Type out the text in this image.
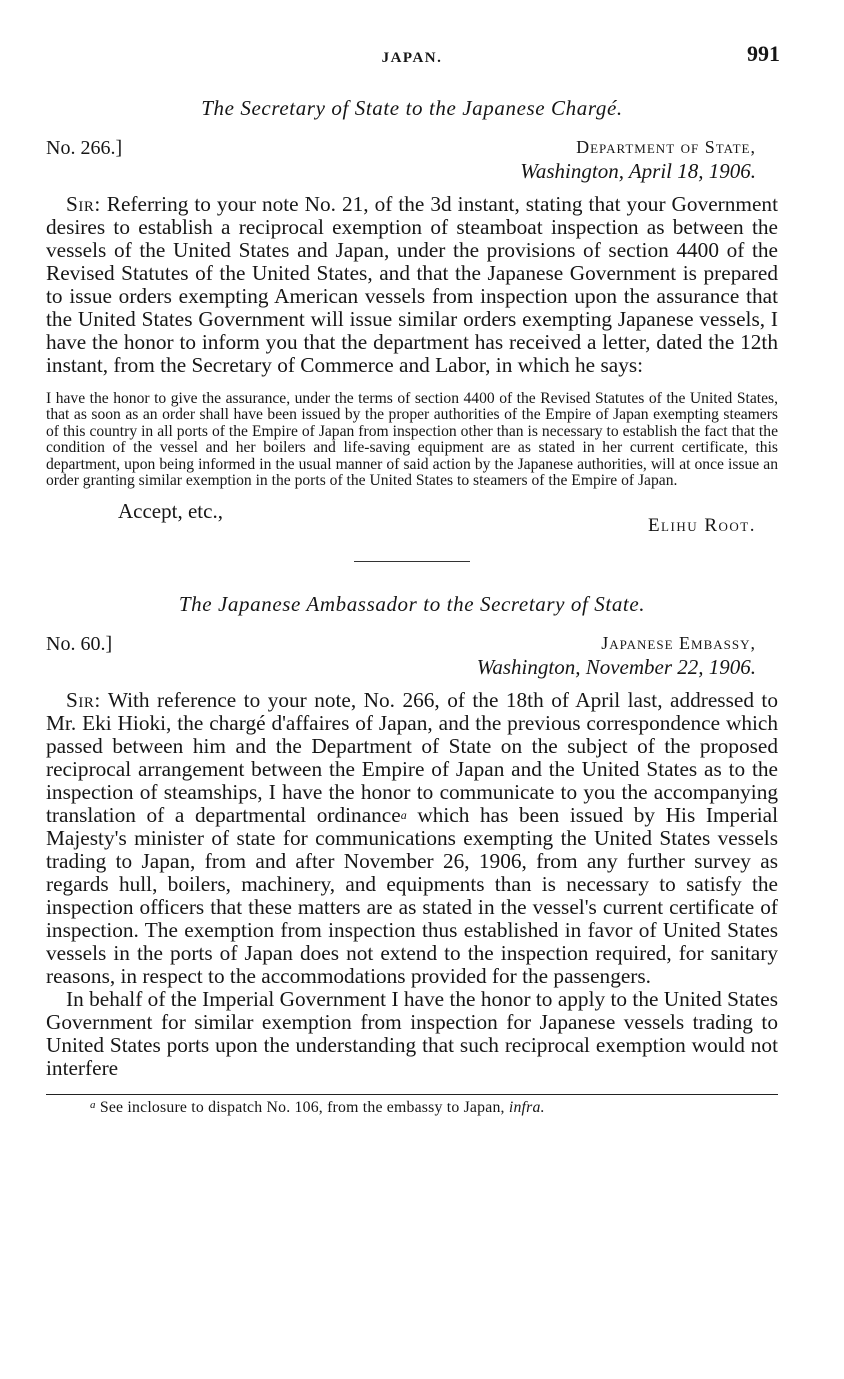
JAPAN.	991
The Secretary of State to the Japanese Chargé.
No. 266.]	Department of State,
Washington, April 18, 1906.

Sir: Referring to your note No. 21, of the 3d instant, stating that your Government desires to establish a reciprocal exemption of steamboat inspection as between the vessels of the United States and Japan, under the provisions of section 4400 of the Revised Statutes of the United States, and that the Japanese Government is prepared to issue orders exempting American vessels from inspection upon the assurance that the United States Government will issue similar orders exempting Japanese vessels, I have the honor to inform you that the department has received a letter, dated the 12th instant, from the Secretary of Commerce and Labor, in which he says:

I have the honor to give the assurance, under the terms of section 4400 of the Revised Statutes of the United States, that as soon as an order shall have been issued by the proper authorities of the Empire of Japan exempting steamers of this country in all ports of the Empire of Japan from inspection other than is necessary to establish the fact that the condition of the vessel and her boilers and life-saving equipment are as stated in her current certificate, this department, upon being informed in the usual manner of said action by the Japanese authorities, will at once issue an order granting similar exemption in the ports of the United States to steamers of the Empire of Japan.

Accept, etc.,
Elihu Root.
The Japanese Ambassador to the Secretary of State.
No. 60.]	Japanese Embassy,
Washington, November 22, 1906.

Sir: With reference to your note, No. 266, of the 18th of April last, addressed to Mr. Eki Hioki, the chargé d'affaires of Japan, and the previous correspondence which passed between him and the Department of State on the subject of the proposed reciprocal arrangement between the Empire of Japan and the United States as to the inspection of steamships, I have the honor to communicate to you the accompanying translation of a departmental ordinance$^a$ which has been issued by His Imperial Majesty's minister of state for communications exempting the United States vessels trading to Japan, from and after November 26, 1906, from any further survey as regards hull, boilers, machinery, and equipments than is necessary to satisfy the inspection officers that these matters are as stated in the vessel's current certificate of inspection. The exemption from inspection thus established in favor of United States vessels in the ports of Japan does not extend to the inspection required, for sanitary reasons, in respect to the accommodations provided for the passengers.

In behalf of the Imperial Government I have the honor to apply to the United States Government for similar exemption from inspection for Japanese vessels trading to United States ports upon the understanding that such reciprocal exemption would not interfere

$^a$ See inclosure to dispatch No. 106, from the embassy to Japan, infra.
